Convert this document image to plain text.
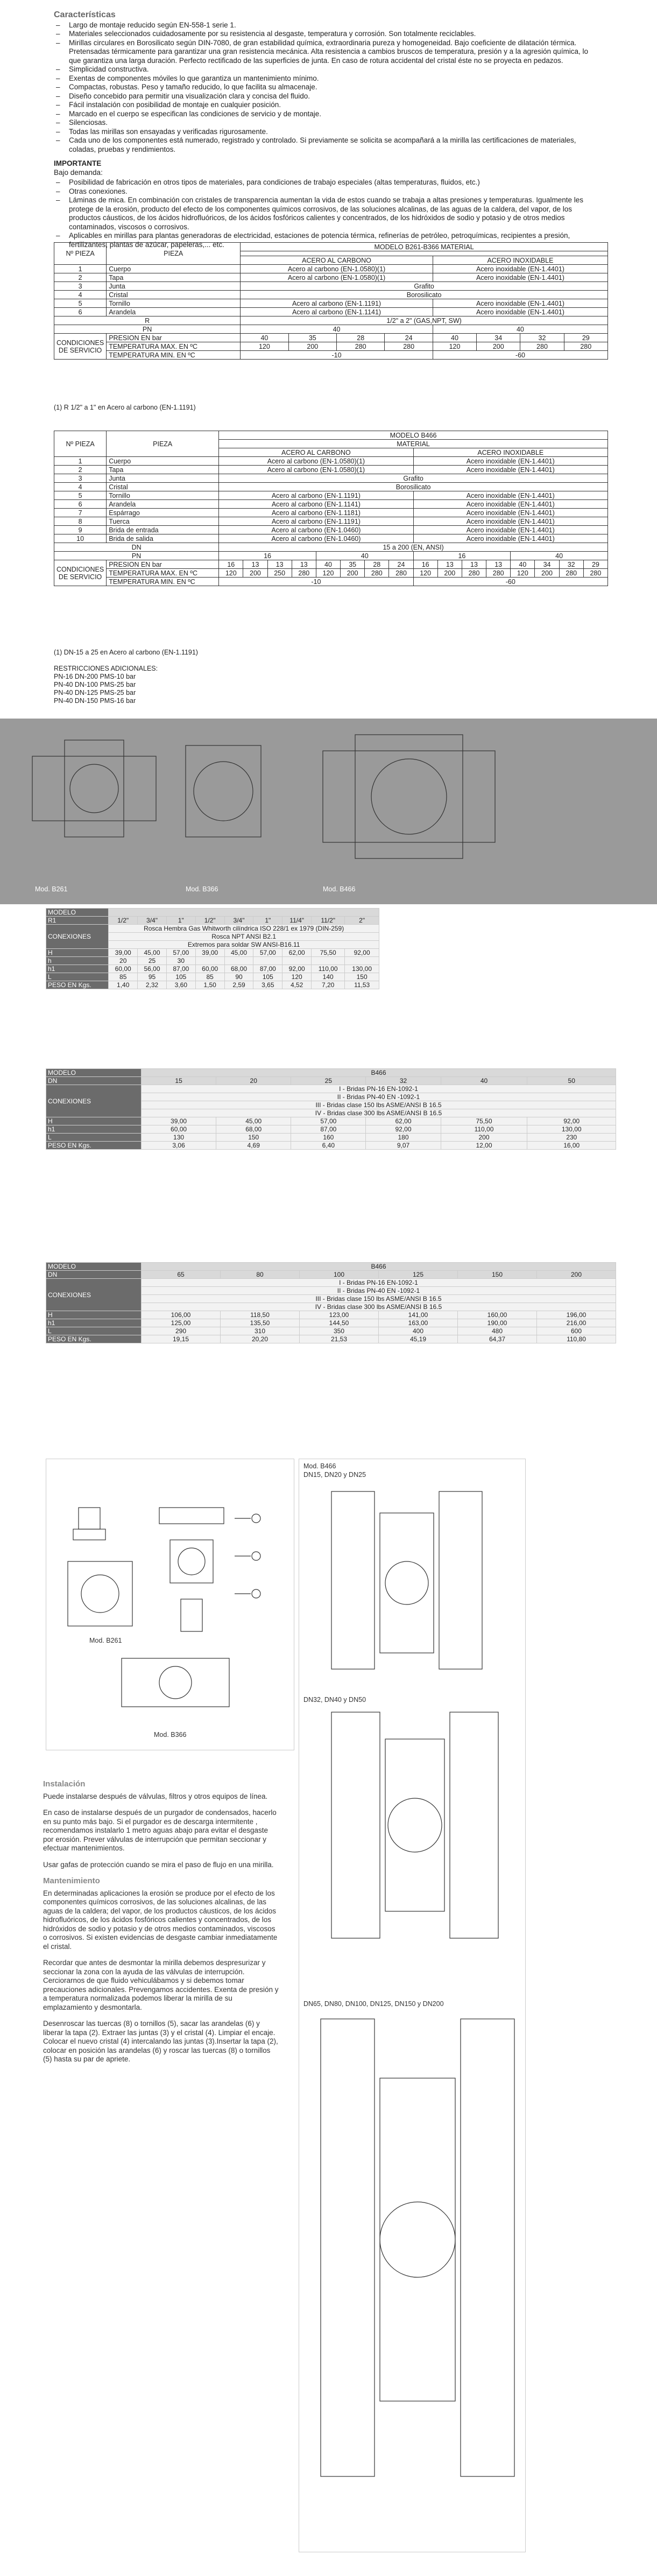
Características
– Largo de montaje reducido según EN-558-1 serie 1.
– Materiales seleccionados cuidadosamente por su resistencia al desgaste, temperatura y corrosión. Son totalmente reciclables.
– Mirillas circulares en Borosilicato según DIN-7080, de gran estabilidad química, extraordinaria pureza y homogeneidad. Bajo coeficiente de dilatación térmica. Pretensadas térmicamente para garantizar una gran resistencia mecánica. Alta resistencia a cambios bruscos de temperatura, presión y a la agresión química, lo que garantiza una larga duración. Perfecto rectificado de las superficies de junta. En caso de rotura accidental del cristal éste no se proyecta en pedazos.
– Simplicidad constructiva.
– Exentas de componentes móviles lo que garantiza un mantenimiento mínimo.
– Compactas, robustas. Peso y tamaño reducido, lo que facilita su almacenaje.
– Diseño concebido para permitir una visualización clara y concisa del fluido.
– Fácil instalación con posibilidad de montaje en cualquier posición.
– Marcado en el cuerpo se especifican las condiciones de servicio y de montaje.
– Silenciosas.
– Todas las mirillas son ensayadas y verificadas rigurosamente.
– Cada uno de los componentes está numerado, registrado y controlado. Si previamente se solicita se acompañará a la mirilla las certificaciones de materiales, coladas, pruebas y rendimientos.
IMPORTANTE
Bajo demanda:
– Posibilidad de fabricación en otros tipos de materiales, para condiciones de trabajo especiales (altas temperaturas, fluidos, etc.)
– Otras conexiones.
– Láminas de mica. En combinación con cristales de transparencia aumentan la vida de estos cuando se trabaja a altas presiones y temperaturas. Igualmente les protege de la erosión, producto del efecto de los componentes químicos corrosivos, de las soluciones alcalinas, de las aguas de la caldera, del vapor, de los productos cáusticos, de los ácidos hidrofluóricos, de los ácidos fosfóricos calientes y concentrados, de los hidróxidos de sodio y potasio y de otros medios contaminados, viscosos o corrosivos.
– Aplicables en mirillas para plantas generadoras de electricidad, estaciones de potencia térmica, refinerías de petróleo, petroquímicas, recipientes a presión, fertilizantes, plantas de azúcar, papeleras,... etc.
Nº PIEZA	PIEZA	MODELO B261-B366 MATERIAL							

		ACERO AL CARBONO				ACERO INOXIDABLE			
1	Cuerpo	Acero al carbono (EN-1.0580)(1)				Acero inoxidable (EN-1.4401)			
2	Tapa	Acero al carbono (EN-1.0580)(1)				Acero inoxidable (EN-1.4401)			
3	Junta	Grafito							
4	Cristal	Borosilicato							
5	Tornillo	Acero al carbono (EN-1.1191)				Acero inoxidable (EN-1.4401)			
6	Arandela	Acero al carbono (EN-1.1141)				Acero inoxidable (EN-1.4401)			
R		1/2" a 2" (GAS,NPT, SW)							
PN		40				40			
CONDICIONES DE SERVICIO	PRESION EN bar	40	35	28	24	40	34	32	29
	TEMPERATURA MAX. EN ºC	120	200	280	280	120	200	280	280
	TEMPERATURA MIN. EN ºC	-10				-60			
(1) R 1/2" a 1" en Acero al carbono (EN-1.1191)
Nº PIEZA	PIEZA	MODELO B466															
		MATERIAL															
		ACERO AL CARBONO								ACERO INOXIDABLE							
1	Cuerpo	Acero al carbono (EN-1.0580)(1)								Acero inoxidable (EN-1.4401)							
2	Tapa	Acero al carbono (EN-1.0580)(1)								Acero inoxidable (EN-1.4401)							
3	Junta	Grafito															
4	Cristal	Borosilicato															
5	Tornillo	Acero al carbono (EN-1.1191)								Acero inoxidable (EN-1.4401)							
6	Arandela	Acero al carbono (EN-1.1141)								Acero inoxidable (EN-1.4401)							
7	Espárrago	Acero al carbono (EN-1.1181)								Acero inoxidable (EN-1.4401)							
8	Tuerca	Acero al carbono (EN-1.1191)								Acero inoxidable (EN-1.4401)							
9	Brida de entrada	Acero al carbono (EN-1.0460)								Acero inoxidable (EN-1.4401)							
10	Brida de salida	Acero al carbono (EN-1.0460)								Acero inoxidable (EN-1.4401)							
DN		15 a 200 (EN, ANSI)															
PN		16				40				16				40			
CONDICIONES DE SERVICIO	PRESION EN bar	16	13	13	13	40	35	28	24	16	13	13	13	40	34	32	29
	TEMPERATURA MAX. EN ºC	120	200	250	280	120	200	280	280	120	200	280	280	120	200	280	280
	TEMPERATURA MIN. EN ºC	-10								-60							
(1) DN-15 a 25 en Acero al carbono (EN-1.1191)
RESTRICCIONES ADICIONALES:
PN-16 DN-200 PMS-10 bar
PN-40 DN-100 PMS-25 bar
PN-40 DN-125 PMS-25 bar
PN-40 DN-150 PMS-16 bar
Mod. B261	Mod. B366	Mod. B466
MODELO									
R1	1/2"	3/4"	1"	1/2"	3/4"	1"	11/4"	11/2"	2"
CONEXIONES	Rosca Hembra Gas Whitworth cilíndrica ISO 228/1 ex 1979 (DIN-259)								
	Rosca NPT ANSI B2.1								
	Extremos para soldar SW ANSI-B16.11								
H	39,00	45,00	57,00	39,00	45,00	57,00	62,00	75,50	92,00
h	20	25	30						
h1	60,00	56,00	87,00	60,00	68,00	87,00	92,00	110,00	130,00
L	85	95	105	85	90	105	120	140	150
PESO EN Kgs.	1,40	2,32	3,60	1,50	2,59	3,65	4,52	7,20	11,53
MODELO	B466					
DN	15	20	25	32	40	50
CONEXIONES	I - Bridas PN-16 EN-1092-1					
	II - Bridas PN-40 EN -1092-1					
	III - Bridas clase 150 lbs ASME/ANSI B 16.5					
	IV - Bridas clase 300 lbs ASME/ANSI B 16.5					
H	39,00	45,00	57,00	62,00	75,50	92,00
h1	60,00	68,00	87,00	92,00	110,00	130,00
L	130	150	160	180	200	230
PESO EN Kgs.	3,06	4,69	6,40	9,07	12,00	16,00
MODELO	B466					
DN	65	80	100	125	150	200
CONEXIONES	I - Bridas PN-16 EN-1092-1					
	II - Bridas PN-40 EN -1092-1					
	III - Bridas clase 150 lbs ASME/ANSI B 16.5					
	IV - Bridas clase 300 lbs ASME/ANSI B 16.5					
H	106,00	118,50	123,00	141,00	160,00	196,00
h1	125,00	135,50	144,50	163,00	190,00	216,00
L	290	310	350	400	480	600
PESO EN Kgs.	19,15	20,20	21,53	45,19	64,37	110,80
Mod. B261
Mod. B366
Mod. B466
DN15, DN20 y DN25
DN32, DN40 y DN50
DN65, DN80, DN100, DN125, DN150 y DN200
Instalación

Puede instalarse después de válvulas, filtros y otros equipos de línea.

En caso de instalarse después de un purgador de condensados, hacerlo en su punto más bajo. Si el purgador es de descarga intermitente , recomendamos instalarlo 1 metro aguas abajo para evitar el desgaste por erosión. Prever válvulas de interrupción que permitan seccionar y efectuar mantenimientos.

Usar gafas de protección cuando se mira el paso de flujo en una mirilla.

Mantenimiento

En determinadas aplicaciones la erosión se produce por el efecto de los componentes químicos corrosivos, de las soluciones alcalinas, de las aguas de la caldera; del vapor, de los productos cáusticos, de los ácidos hidrofluóricos, de los ácidos fosfóricos calientes y concentrados, de los hidróxidos de sodio y potasio y de otros medios contaminados, viscosos o corrosivos. Si existen evidencias de desgaste cambiar inmediatamente el cristal.

Recordar que antes de desmontar la mirilla debemos despresurizar y seccionar la zona con la ayuda de las válvulas de interrupción. Cerciorarnos de que fluido vehiculábamos y si debemos tomar precauciones adicionales. Prevengamos accidentes. Exenta de presión y a temperatura normalizada podemos liberar la mirilla de su emplazamiento y desmontarla.

Desenroscar las tuercas (8) o tornillos (5), sacar las arandelas (6) y liberar la tapa (2). Extraer las juntas (3) y el cristal (4). Limpiar el encaje. Colocar el nuevo cristal (4) intercalando las juntas (3).Insertar la tapa (2), colocar en posición las arandelas (6) y roscar las tuercas (8) o tornillos (5) hasta su par de apriete.
